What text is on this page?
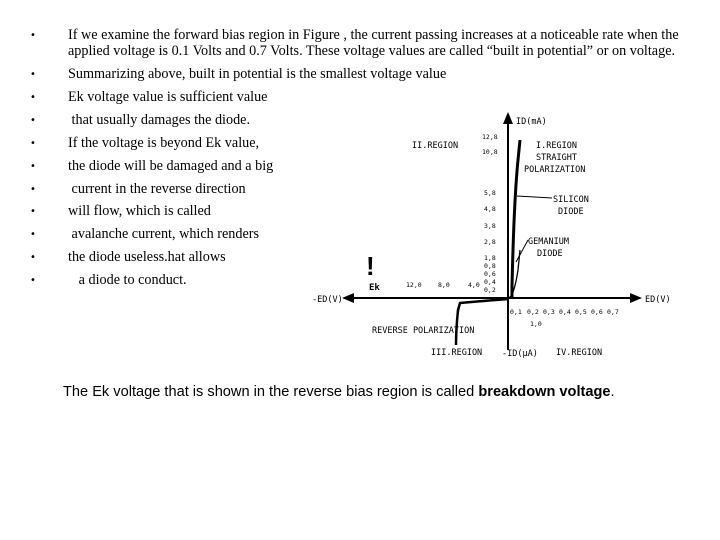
• If we examine the forward bias region in Figure , the current passing increases at a noticeable rate when the applied voltage is 0.1 Volts and 0.7 Volts. These voltage values are called “built in potential” or on voltage.
• Summarizing above, built in potential is the smallest voltage value
• Ek voltage value is sufficient value
• that usually damages the diode.
• If the voltage is beyond Ek value,
• the diode will be damaged and a big
• current in the reverse direction
• will flow, which is called
• avalanche current, which renders
• the diode useless.hat allows
• a diode to conduct.
12,8
10,8
5,8
4,8
3,8
2,8
1,8
0,8
0,6
0,4
0,2
0,1 0,2 0,3 0,4 0,5 0,6 0,7
12,0	8,0	4,0
1,0
ID(mA)
ED(V)
-ED(V)
-ID(μA)
I.REGION
STRAIGHT
POLARIZATION
II.REGION
III.REGION	IV.REGION
REVERSE POLARIZATION
SILICON
DIODE
GEMANIUM
DIODE
!
Ek
The Ek voltage that is shown in the reverse bias region is called breakdown voltage.
